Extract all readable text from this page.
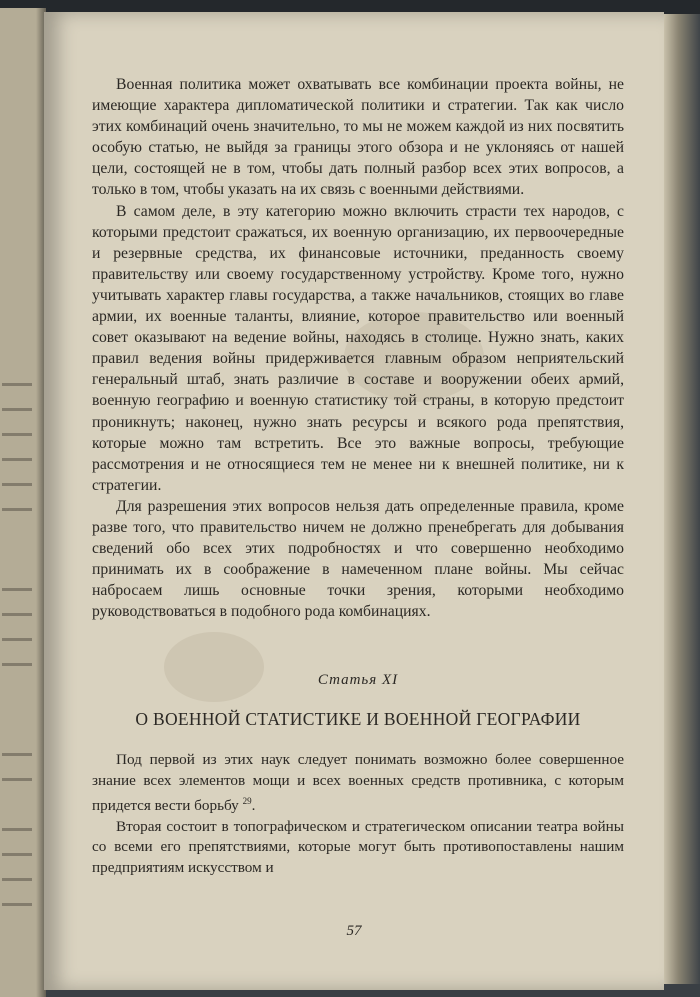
Военная политика может охватывать все комбинации проекта войны, не имеющие характера дипломатической политики и стратегии. Так как число этих комбинаций очень значительно, то мы не можем каждой из них посвятить особую статью, не выйдя за границы этого обзора и не уклоняясь от нашей цели, состоящей не в том, чтобы дать полный разбор всех этих вопросов, а только в том, чтобы указать на их связь с военными действиями.

В самом деле, в эту категорию можно включить страсти тех народов, с которыми предстоит сражаться, их военную организацию, их первоочередные и резервные средства, их финансовые источники, преданность своему правительству или своему государственному устройству. Кроме того, нужно учитывать характер главы государства, а также начальников, стоящих во главе армии, их военные таланты, влияние, которое правительство или военный совет оказывают на ведение войны, находясь в столице. Нужно знать, каких правил ведения войны придерживается главным образом неприятельский генеральный штаб, знать различие в составе и вооружении обеих армий, военную географию и военную статистику той страны, в которую предстоит проникнуть; наконец, нужно знать ресурсы и всякого рода препятствия, которые можно там встретить. Все это важные вопросы, требующие рассмотрения и не относящиеся тем не менее ни к внешней политике, ни к стратегии.

Для разрешения этих вопросов нельзя дать определенные правила, кроме разве того, что правительство ничем не должно пренебрегать для добывания сведений обо всех этих подробностях и что совершенно необходимо принимать их в соображение в намеченном плане войны. Мы сейчас набросаем лишь основные точки зрения, которыми необходимо руководствоваться в подобного рода комбинациях.

Статья XI
О ВОЕННОЙ СТАТИСТИКЕ И ВОЕННОЙ ГЕОГРАФИИ

Под первой из этих наук следует понимать возможно более совершенное знание всех элементов мощи и всех военных средств противника, с которым придется вести борьбу $^{29}$.

Вторая состоит в топографическом и стратегическом описании театра войны со всеми его препятствиями, которые могут быть противопоставлены нашим предприятиям искусством и

57
